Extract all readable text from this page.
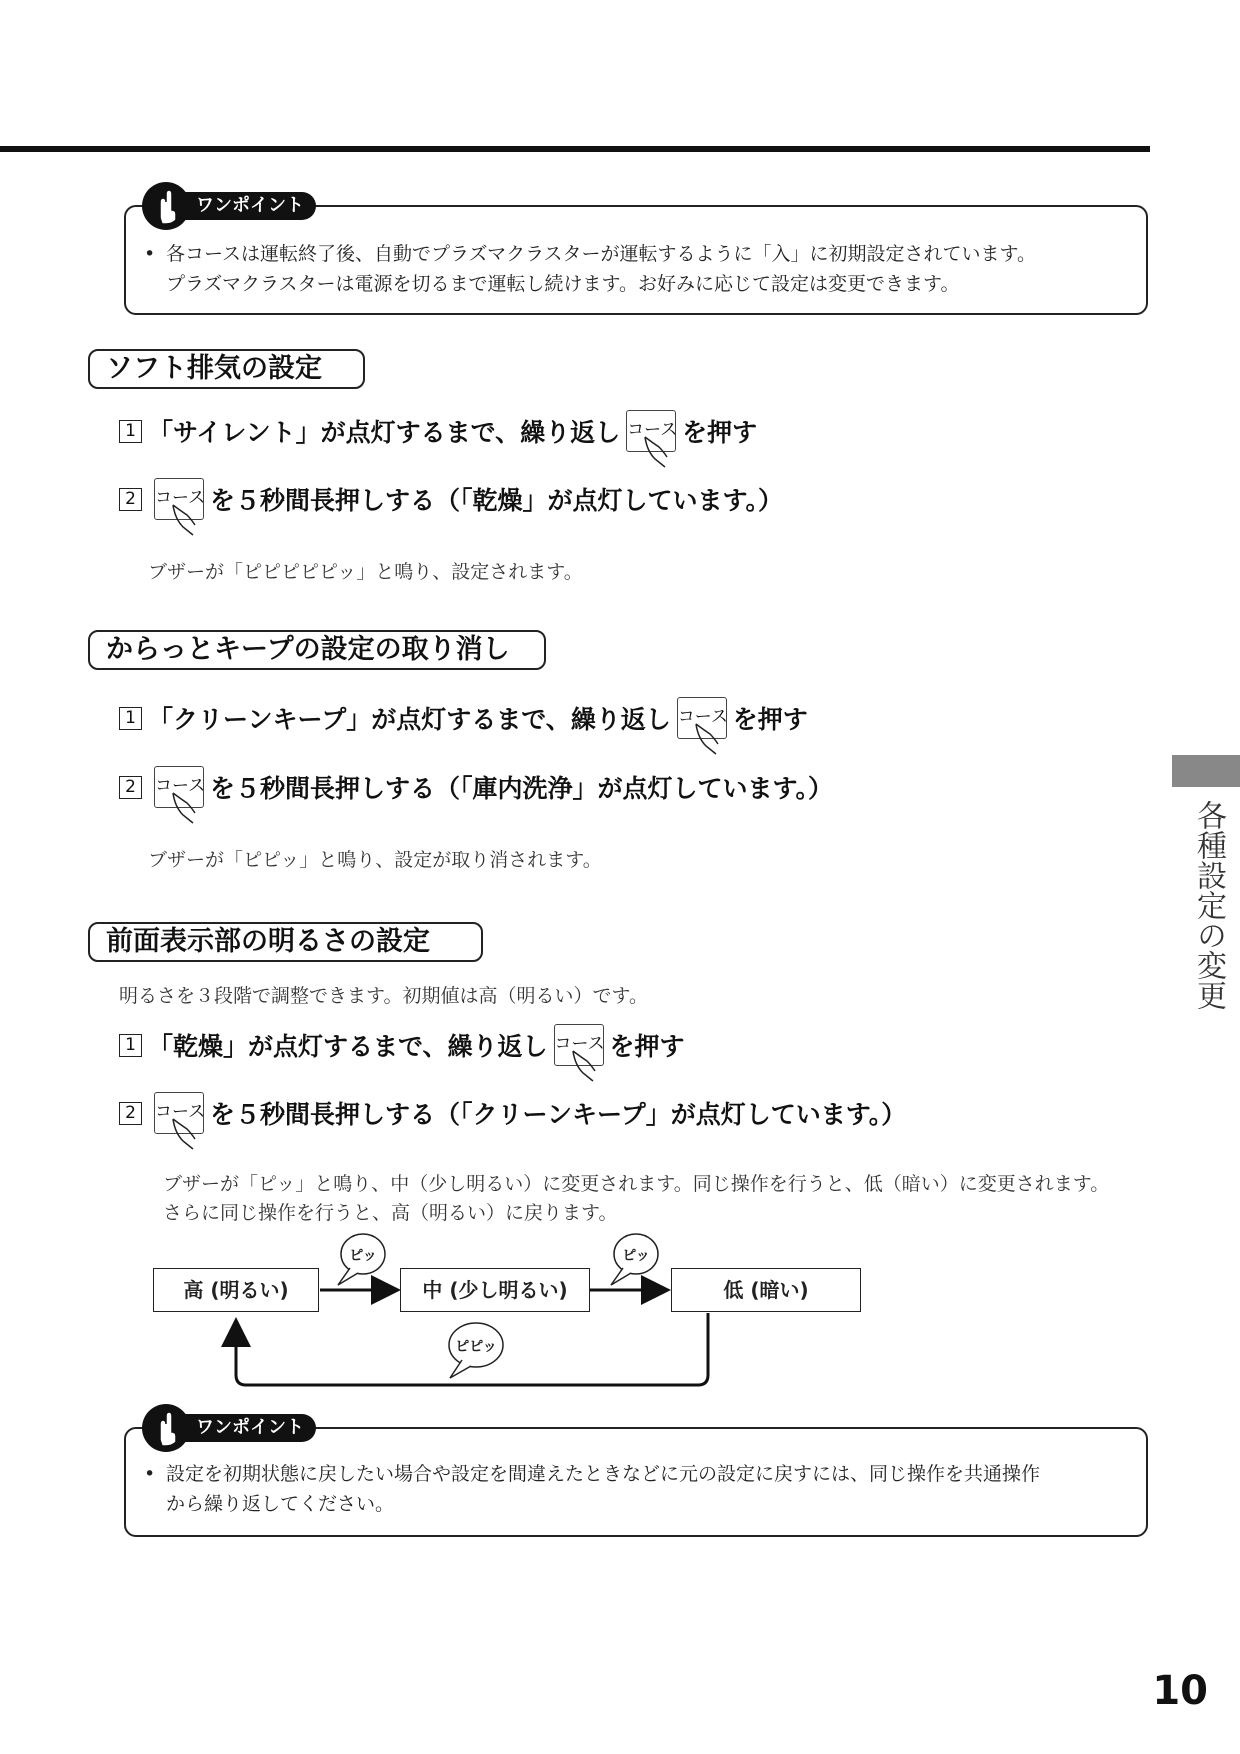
• 各コースは運転終了後、自動でプラズマクラスターが運転するように「入」に初期設定されています。
プラズマクラスターは電源を切るまで運転し続けます。お好みに応じて設定は変更できます。
ワンポイント
ソフト排気の設定
1 「サイレント」が点灯するまで、繰り返し コース を押す
2	コース を５秒間長押しする（「乾燥」が点灯しています。）
ブザーが「ピピピピピッ」と鳴り、設定されます。
からっとキープの設定の取り消し
1 「クリーンキープ」が点灯するまで、繰り返し コース を押す
2	コース を５秒間長押しする（「庫内洗浄」が点灯しています。）
ブザーが「ピピッ」と鳴り、設定が取り消されます。
前面表示部の明るさの設定
明るさを３段階で調整できます。初期値は高（明るい）です。
1 「乾燥」が点灯するまで、繰り返し コース を押す
2	コース を５秒間長押しする（「クリーンキープ」が点灯しています。）
ブザーが「ピッ」と鳴り、中（少し明るい）に変更されます。同じ操作を行うと、低（暗い）に変更されます。
さらに同じ操作を行うと、高（明るい）に戻ります。
ピッ	ピッ
ピピッ
高 (明るい)	中 (少し明るい)	低 (暗い)
• 設定を初期状態に戻したい場合や設定を間違えたときなどに元の設定に戻すには、同じ操作を共通操作
から繰り返してください。
ワンポイント
各種設定の変更
10
